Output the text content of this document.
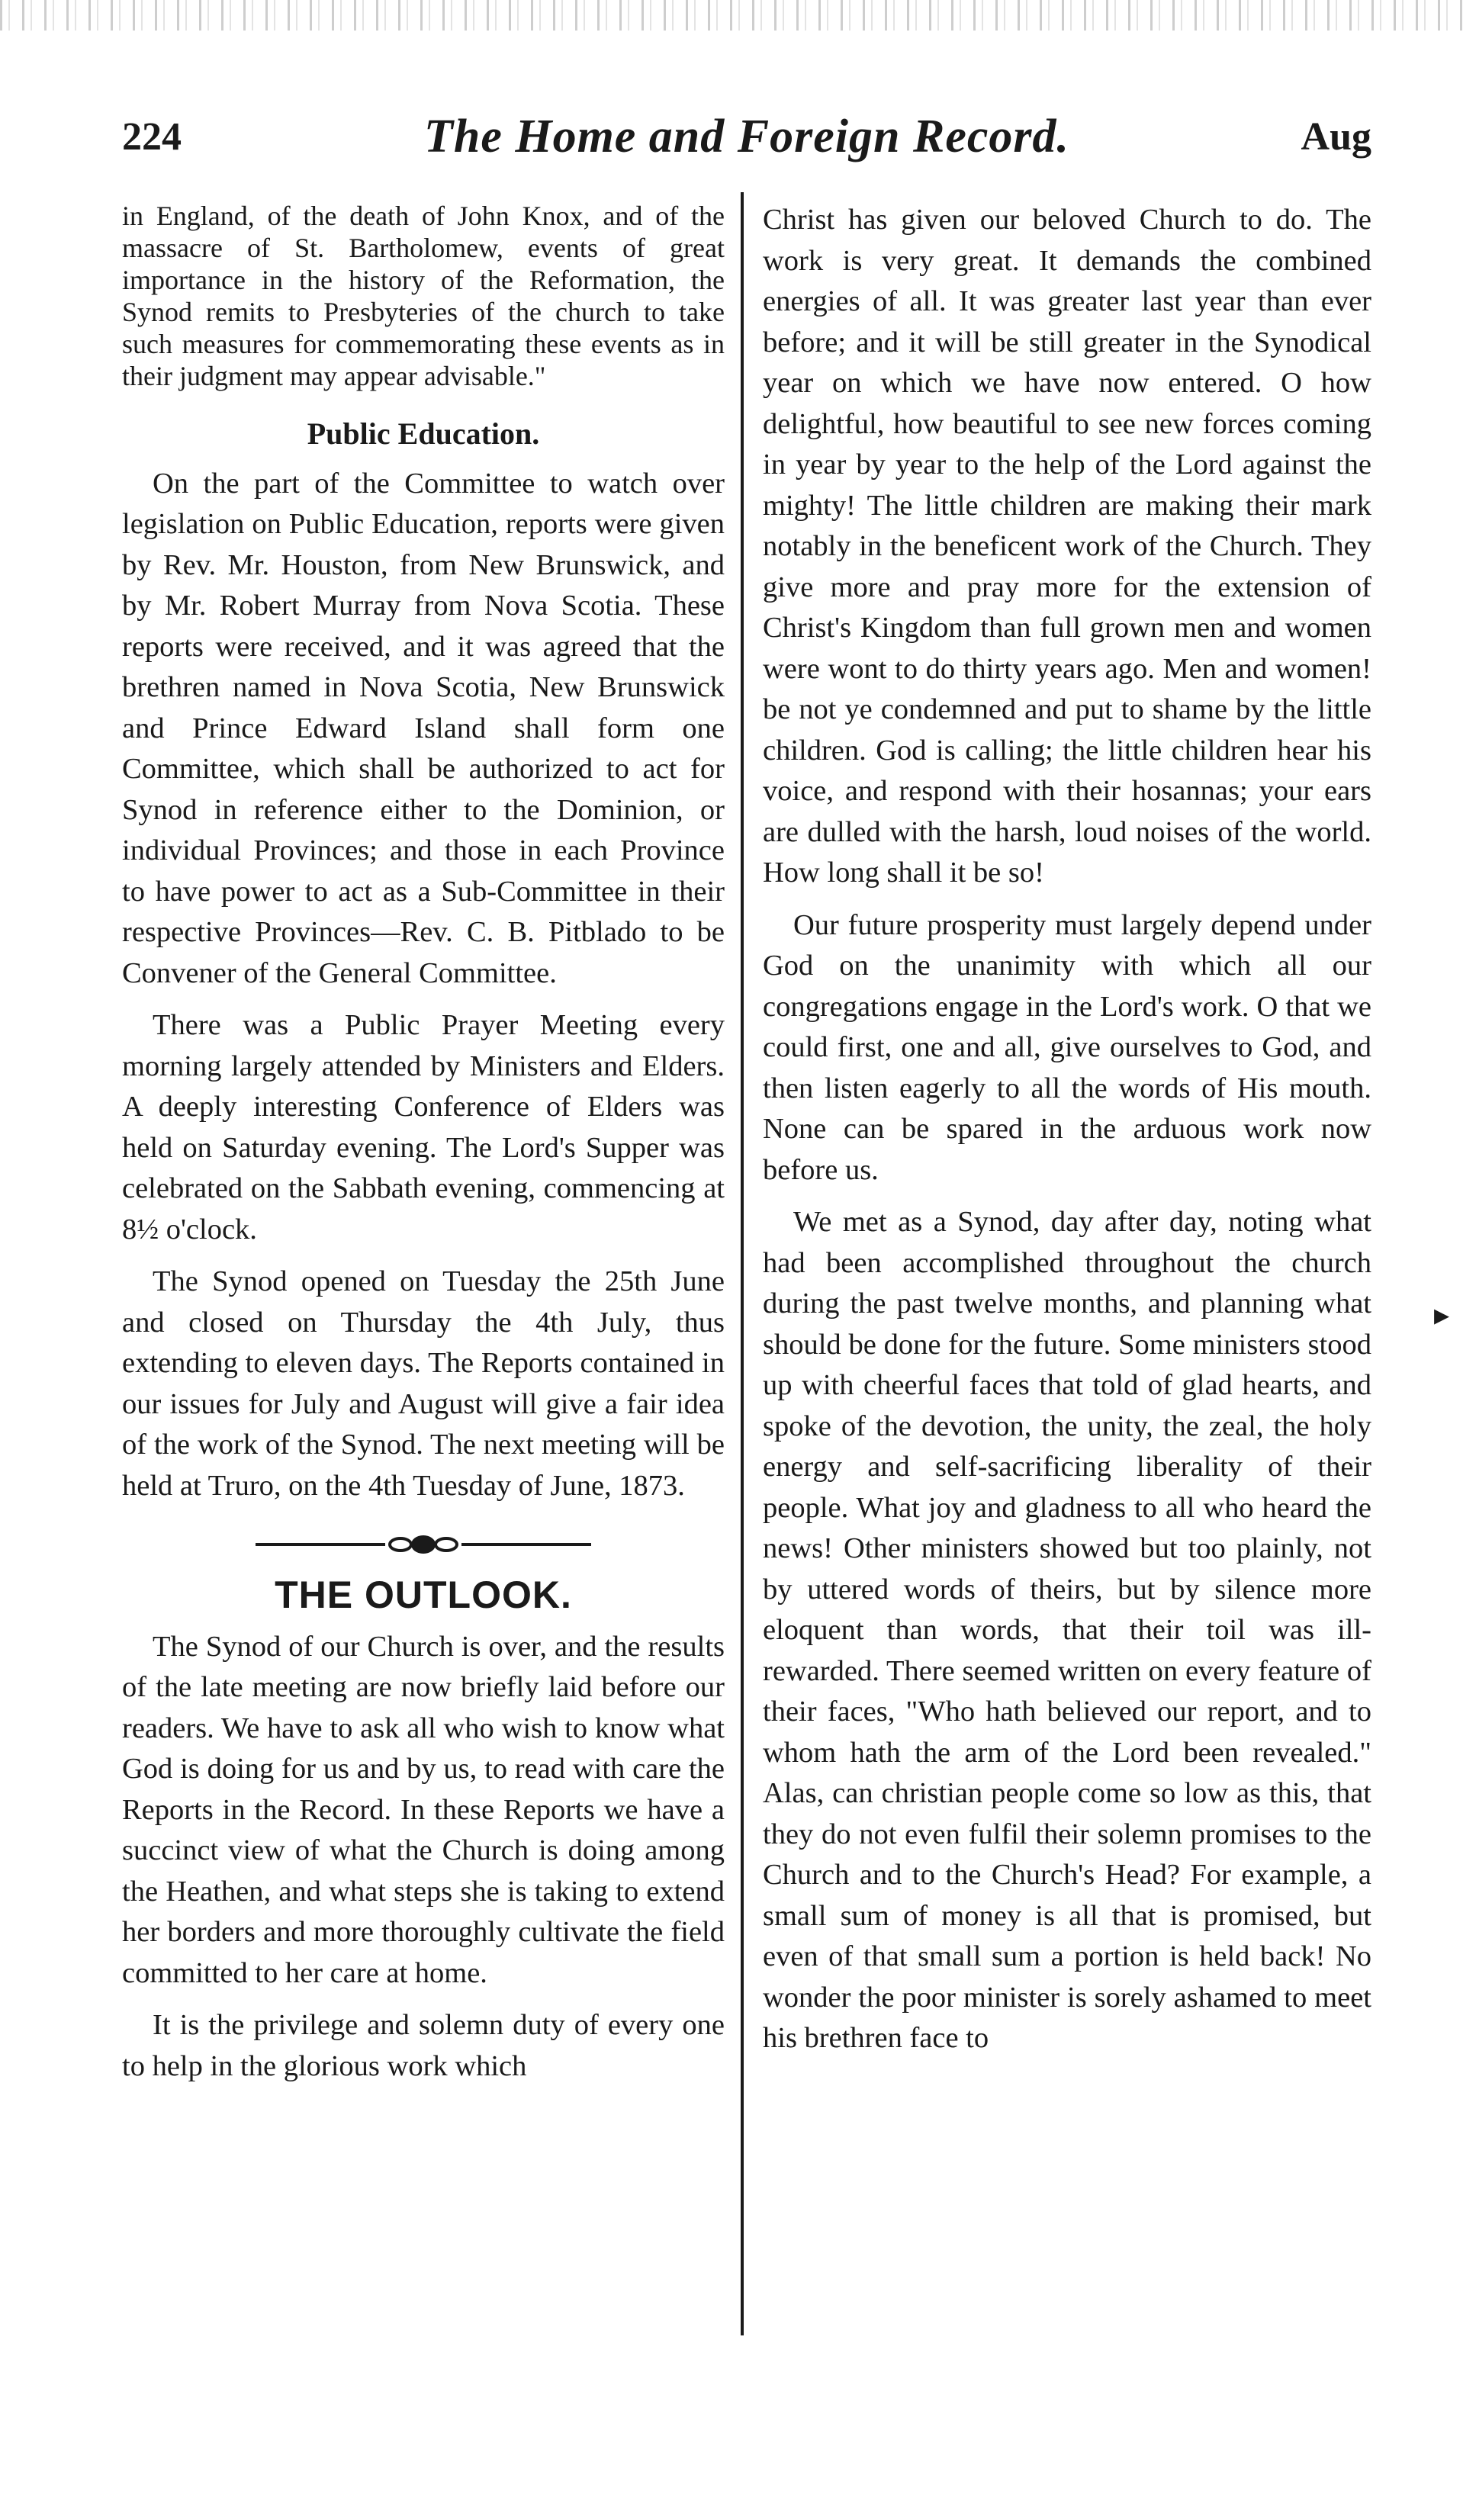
224	The Home and Foreign Record.	Aug

in England, of the death of John Knox, and of the massacre of St. Bartholomew, events of great importance in the history of the Reformation, the Synod remits to Presbyteries of the church to take such measures for commemorating these events as in their judgment may appear advisable."

Public Education.

On the part of the Committee to watch over legislation on Public Education, reports were given by Rev. Mr. Houston, from New Brunswick, and by Mr. Robert Murray from Nova Scotia. These reports were received, and it was agreed that the brethren named in Nova Scotia, New Brunswick and Prince Edward Island shall form one Committee, which shall be authorized to act for Synod in reference either to the Dominion, or individual Provinces; and those in each Province to have power to act as a Sub-Committee in their respective Provinces—Rev. C. B. Pitblado to be Convener of the General Committee.

There was a Public Prayer Meeting every morning largely attended by Ministers and Elders. A deeply interesting Conference of Elders was held on Saturday evening. The Lord's Supper was celebrated on the Sabbath evening, commencing at 8½ o'clock.

The Synod opened on Tuesday the 25th June and closed on Thursday the 4th July, thus extending to eleven days. The Reports contained in our issues for July and August will give a fair idea of the work of the Synod. The next meeting will be held at Truro, on the 4th Tuesday of June, 1873.

THE OUTLOOK.

The Synod of our Church is over, and the results of the late meeting are now briefly laid before our readers. We have to ask all who wish to know what God is doing for us and by us, to read with care the Reports in the Record. In these Reports we have a succinct view of what the Church is doing among the Heathen, and what steps she is taking to extend her borders and more thoroughly cultivate the field committed to her care at home.

It is the privilege and solemn duty of every one to help in the glorious work which

Christ has given our beloved Church to do. The work is very great. It demands the combined energies of all. It was greater last year than ever before; and it will be still greater in the Synodical year on which we have now entered. O how delightful, how beautiful to see new forces coming in year by year to the help of the Lord against the mighty! The little children are making their mark notably in the beneficent work of the Church. They give more and pray more for the extension of Christ's Kingdom than full grown men and women were wont to do thirty years ago. Men and women! be not ye condemned and put to shame by the little children. God is calling; the little children hear his voice, and respond with their hosannas; your ears are dulled with the harsh, loud noises of the world. How long shall it be so!

Our future prosperity must largely depend under God on the unanimity with which all our congregations engage in the Lord's work. O that we could first, one and all, give ourselves to God, and then listen eagerly to all the words of His mouth. None can be spared in the arduous work now before us.

We met as a Synod, day after day, noting what had been accomplished throughout the church during the past twelve months, and planning what should be done for the future. Some ministers stood up with cheerful faces that told of glad hearts, and spoke of the devotion, the unity, the zeal, the holy energy and self-sacrificing liberality of their people. What joy and gladness to all who heard the news! Other ministers showed but too plainly, not by uttered words of theirs, but by silence more eloquent than words, that their toil was ill-rewarded. There seemed written on every feature of their faces, "Who hath believed our report, and to whom hath the arm of the Lord been revealed." Alas, can christian people come so low as this, that they do not even fulfil their solemn promises to the Church and to the Church's Head? For example, a small sum of money is all that is promised, but even of that small sum a portion is held back! No wonder the poor minister is sorely ashamed to meet his brethren face to

▸
